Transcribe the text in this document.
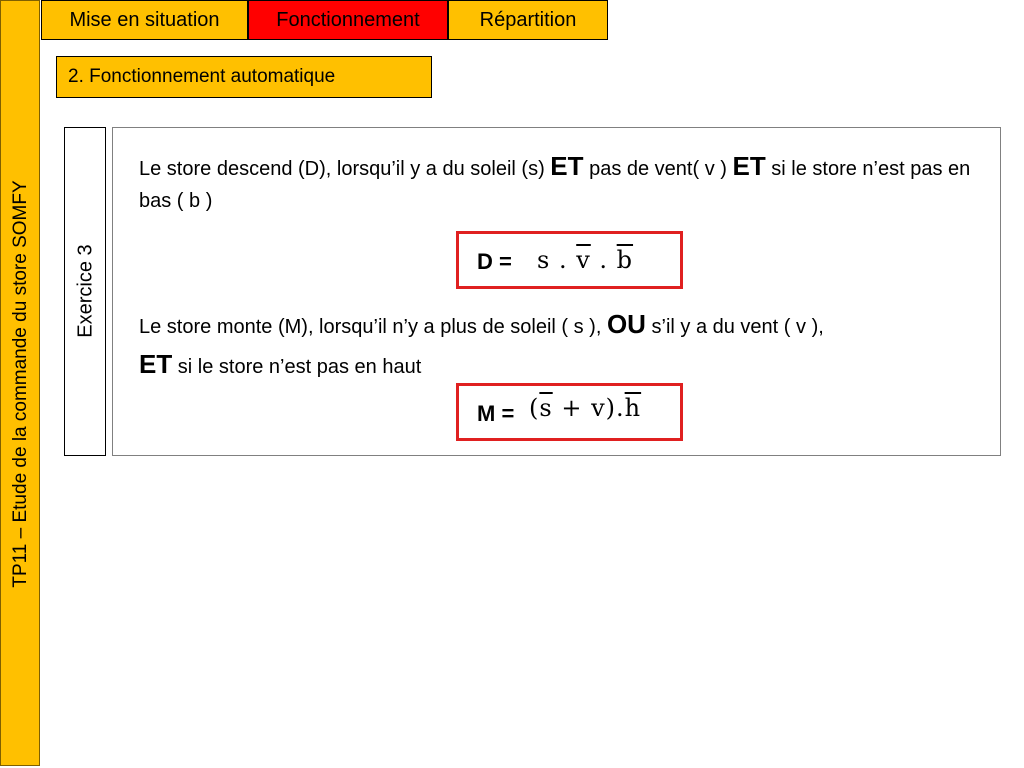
TP11 – Etude de la commande du store SOMFY
Mise en situation	Fonctionnement	Répartition
2. Fonctionnement automatique
Exercice 3
Le store descend (D), lorsqu’il y a du soleil (s) ET pas de vent( v ) ET si le store n’est pas en bas ( b )
D = s . $\overline{v}$ . $\overline{b}$
Le store monte (M), lorsqu’il n’y a plus de soleil ( s ), OU s’il y a du vent ( v ),
ET si le store n’est pas en haut
$M = (\overline{s} + v).\overline{h}$
